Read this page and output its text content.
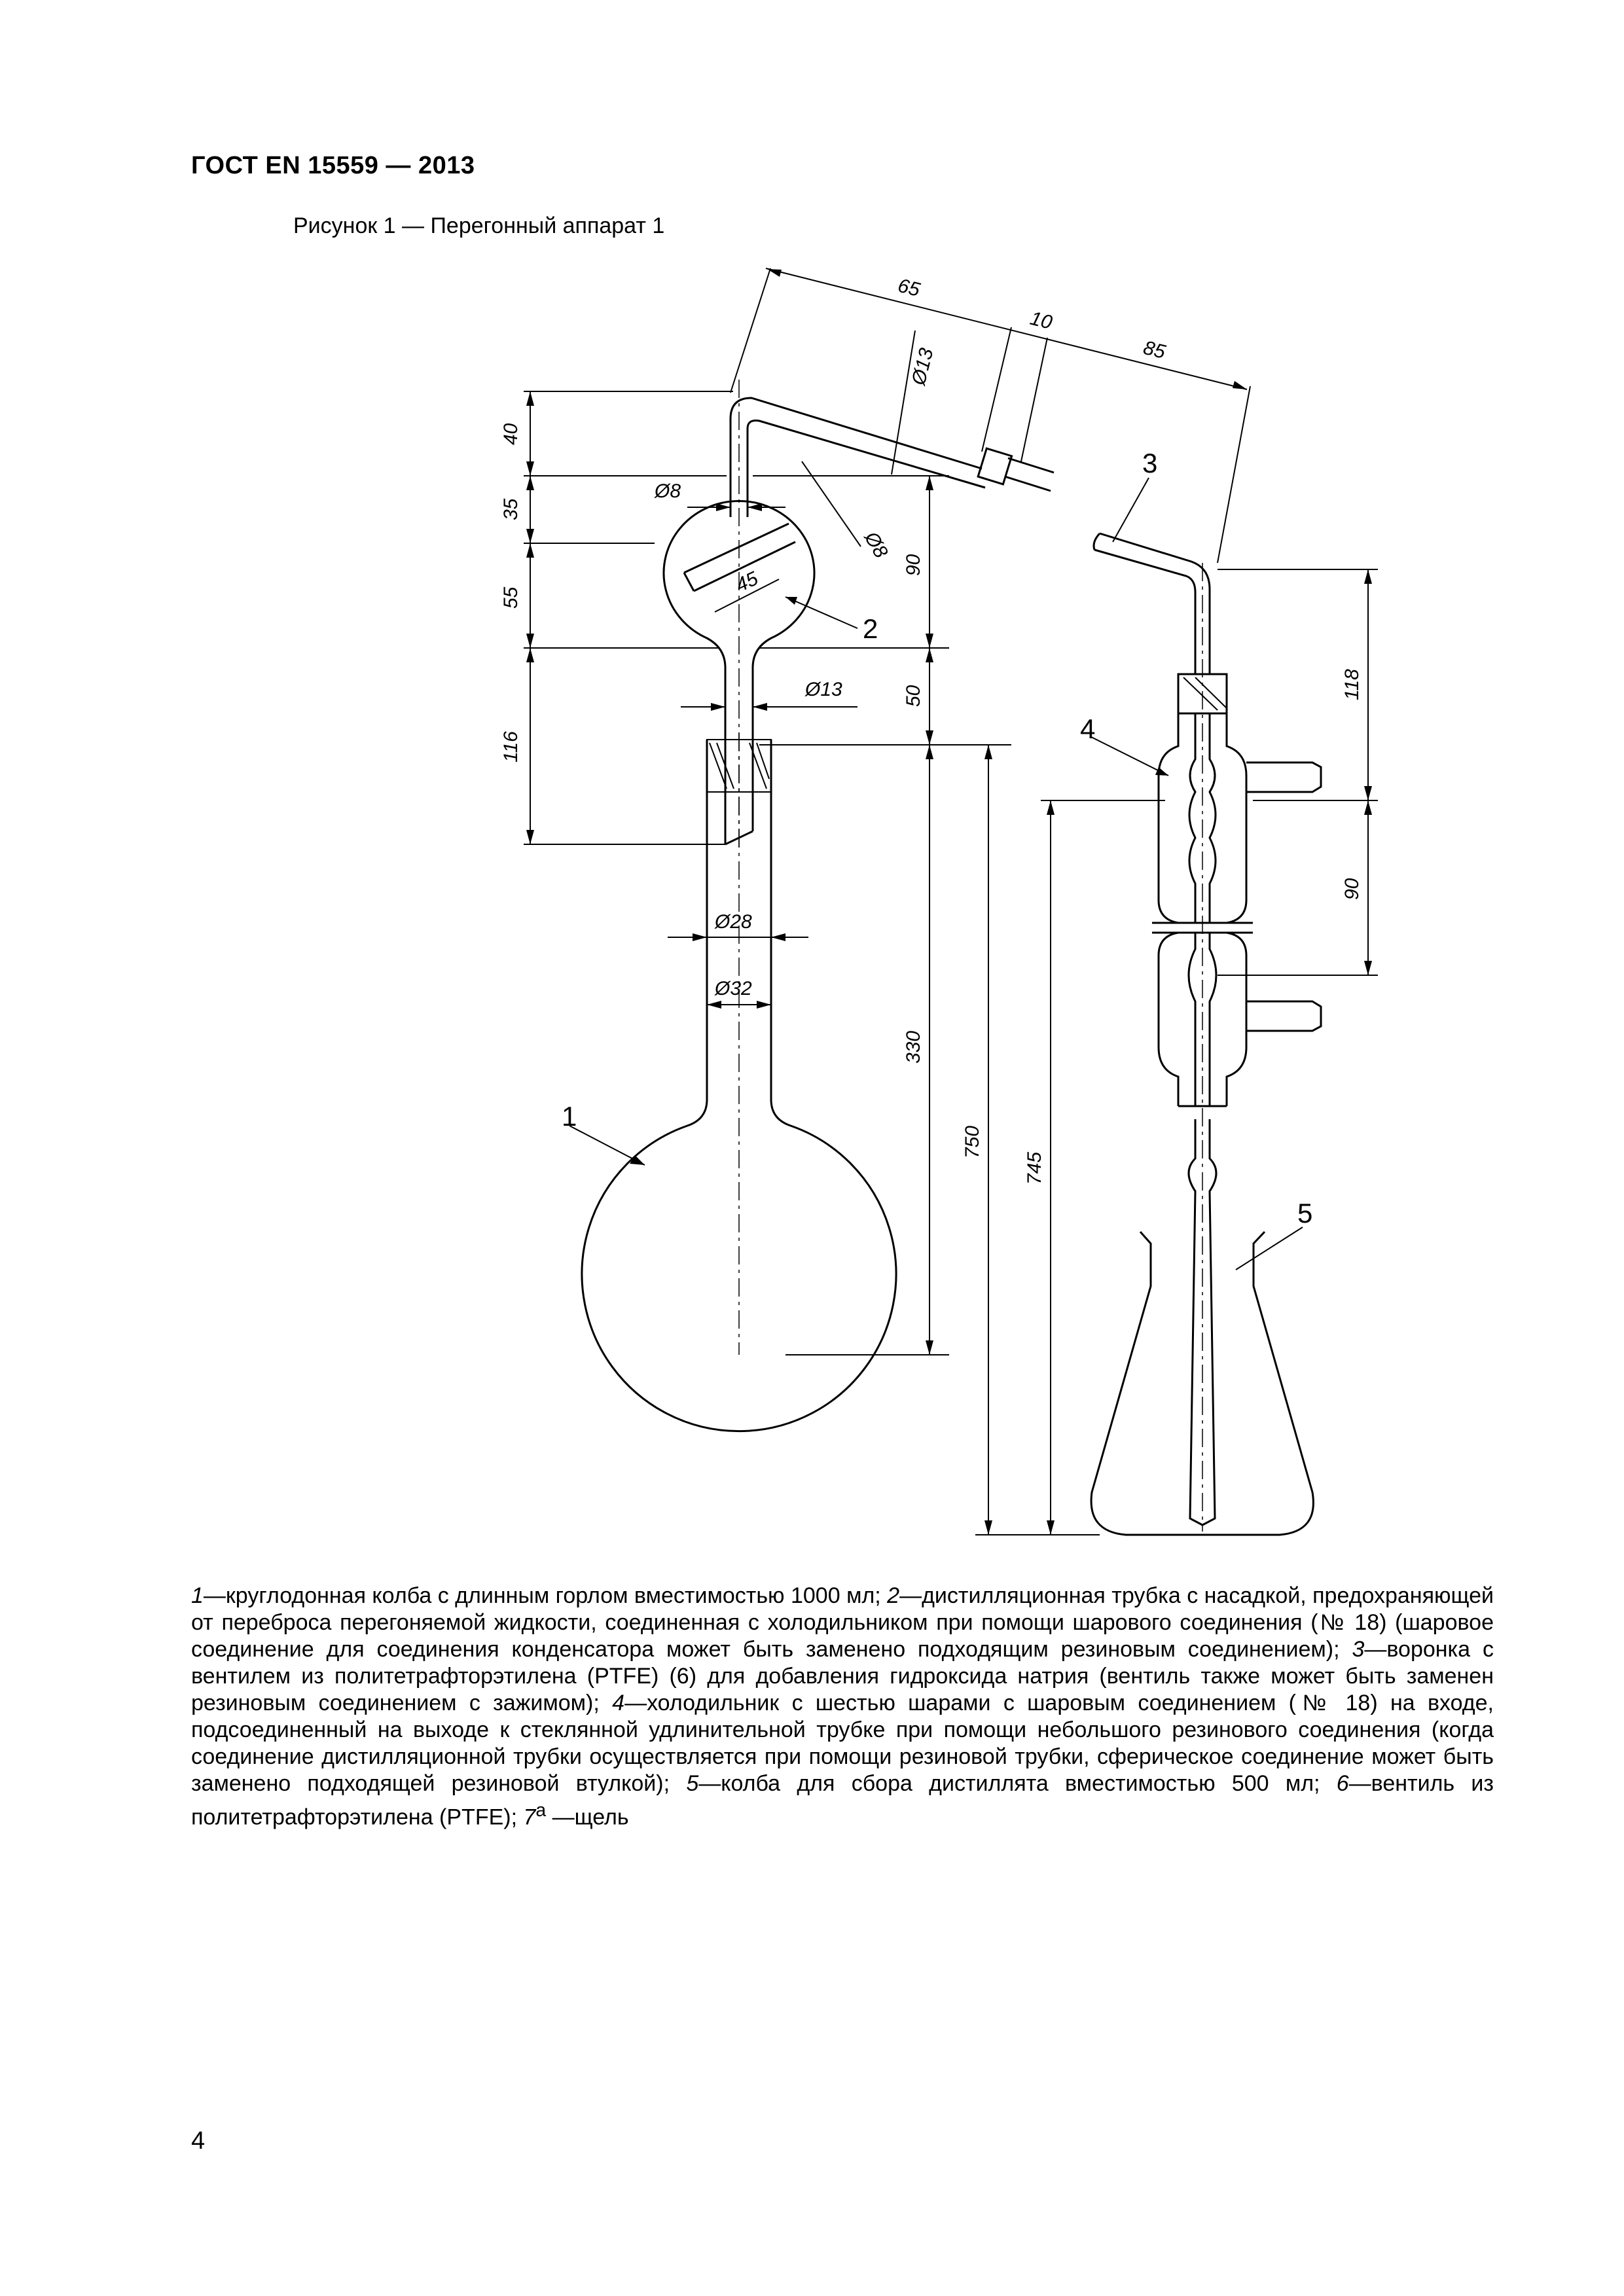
ГОСТ EN 15559 — 2013
Рисунок 1 — Перегонный аппарат 1
65
10
85
Ø13
40
35
55
116
Ø8
Ø8
45
90
50
Ø13
Ø28
Ø32
330
750
745
118
90
1
2
3
4
5
1—круглодонная колба с длинным горлом вместимостью 1000 мл; 2—дистилляционная трубка с насадкой, предохраняющей от переброса перегоняемой жидкости, соединенная с холодильником при помощи шарового соединения (№ 18) (шаровое соединение для соединения конденсатора может быть заменено подходящим резиновым соединением); 3—воронка с вентилем из политетрафторэтилена (PTFE) (6) для добавления гидроксида натрия (вентиль также может быть заменен резиновым соединением с зажимом); 4—холодильник с шестью шарами с шаровым соединением (№ 18) на входе, подсоединенный на выходе к стеклянной удлинительной трубке при помощи небольшого резинового соединения (когда соединение дистилляционной трубки осуществляется при помощи резиновой трубки, сферическое соединение может быть заменено подходящей резиновой втулкой); 5—колба для сбора дистиллята вместимостью 500 мл; 6—вентиль из политетрафторэтилена (PTFE); 7$^a$ —щель
4
